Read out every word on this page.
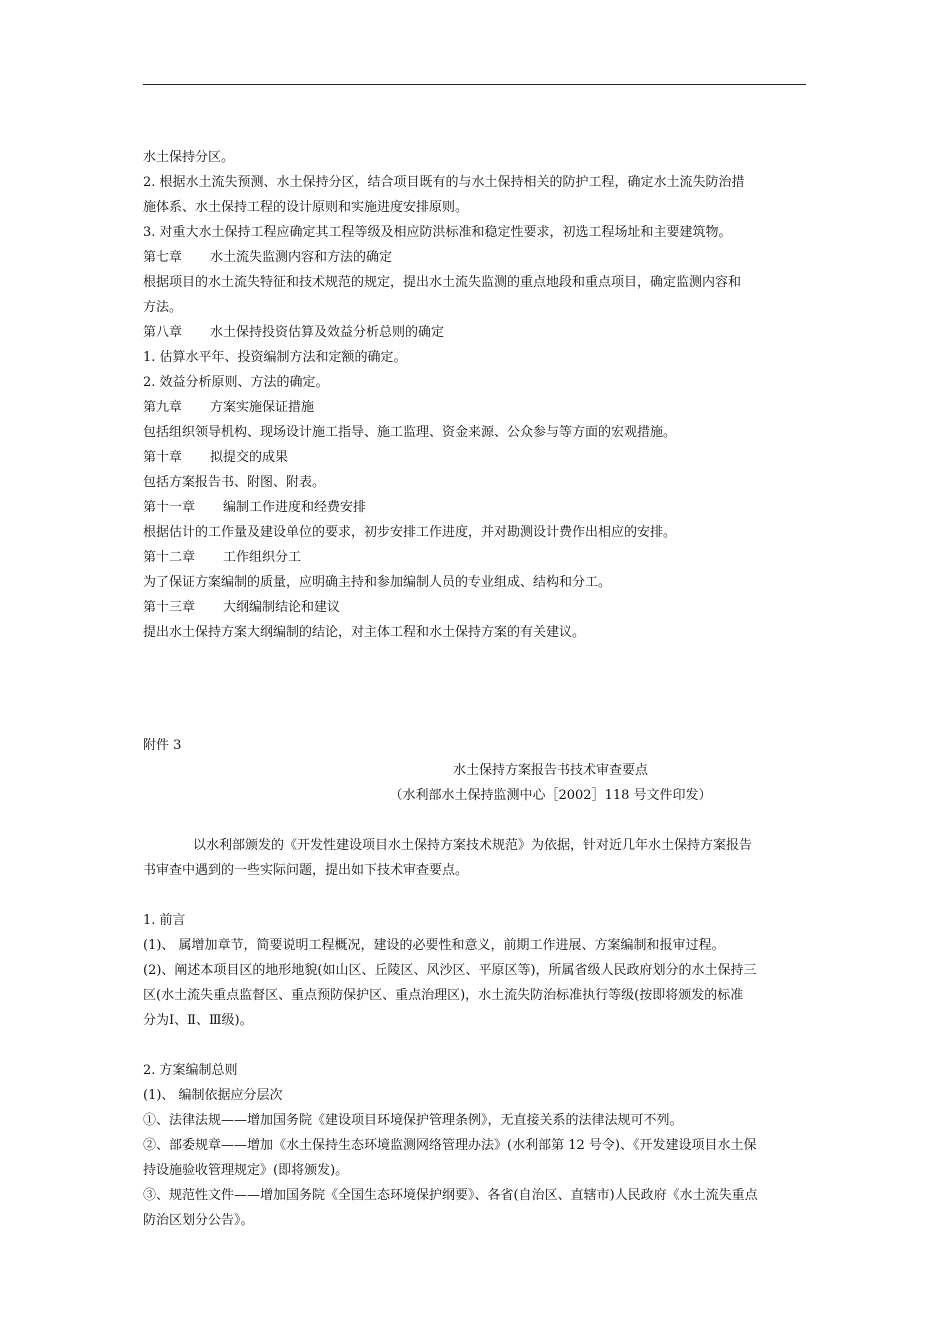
水土保持分区。

2. 根据水土流失预测、水土保持分区，结合项目既有的与水土保持相关的防护工程，确定水土流失防治措

施体系、水土保持工程的设计原则和实施进度安排原则。

3. 对重大水土保持工程应确定其工程等级及相应防洪标准和稳定性要求，初选工程场址和主要建筑物。

第七章 水土流失监测内容和方法的确定

根据项目的水土流失特征和技术规范的规定，提出水土流失监测的重点地段和重点项目，确定监测内容和

方法。

第八章 水土保持投资估算及效益分析总则的确定

1. 估算水平年、投资编制方法和定额的确定。

2. 效益分析原则、方法的确定。

第九章 方案实施保证措施

包括组织领导机构、现场设计施工指导、施工监理、资金来源、公众参与等方面的宏观措施。

第十章 拟提交的成果

包括方案报告书、附图、附表。

第十一章 编制工作进度和经费安排

根据估计的工作量及建设单位的要求，初步安排工作进度，并对勘测设计费作出相应的安排。

第十二章 工作组织分工

为了保证方案编制的质量，应明确主持和参加编制人员的专业组成、结构和分工。

第十三章 大纲编制结论和建议

提出水土保持方案大纲编制的结论，对主体工程和水土保持方案的有关建议。

附件 3

水土保持方案报告书技术审查要点

（水利部水土保持监测中心［2002］118 号文件印发）

以水利部颁发的《开发性建设项目水土保持方案技术规范》为依据，针对近几年水土保持方案报告

书审查中遇到的一些实际问题，提出如下技术审查要点。

1. 前言

(1)、 属增加章节，简要说明工程概况，建设的必要性和意义，前期工作进展、方案编制和报审过程。

(2)、阐述本项目区的地形地貌(如山区、丘陵区、风沙区、平原区等)，所属省级人民政府划分的水土保持三

区(水土流失重点监督区、重点预防保护区、重点治理区)，水土流失防治标准执行等级(按即将颁发的标准

分为Ⅰ、Ⅱ、Ⅲ级)。

2. 方案编制总则

(1)、 编制依据应分层次

①、法律法规——增加国务院《建设项目环境保护管理条例》，无直接关系的法律法规可不列。

②、部委规章——增加《水土保持生态环境监测网络管理办法》(水利部第 12 号令)、《开发建设项目水土保

持设施验收管理规定》(即将颁发)。

③、规范性文件——增加国务院《全国生态环境保护纲要》、各省(自治区、直辖市)人民政府《水土流失重点

防治区划分公告》。
